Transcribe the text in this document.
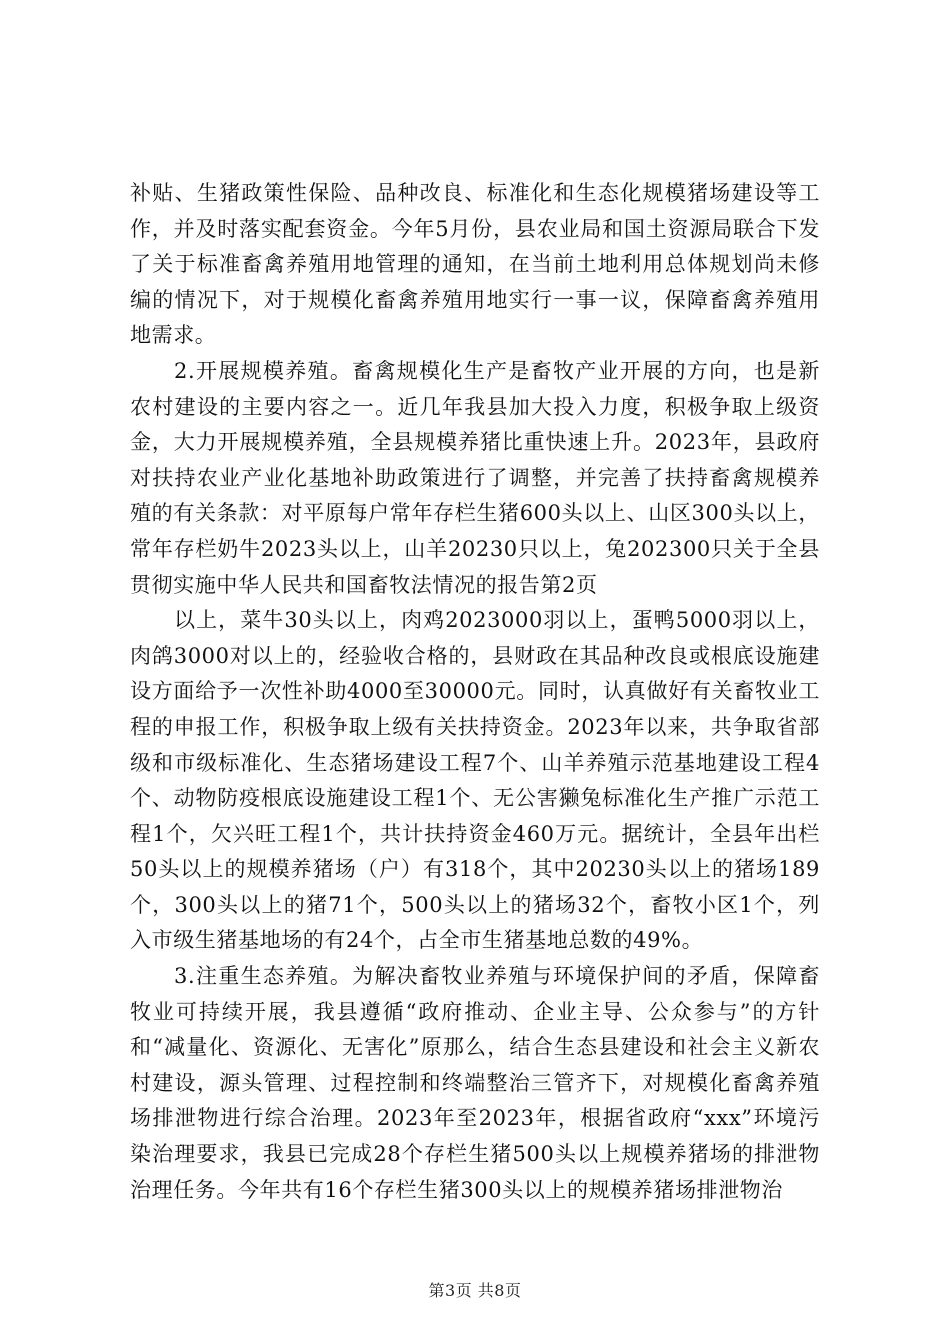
补贴、生猪政策性保险、品种改良、标准化和生态化规模猪场建设等工作，并及时落实配套资金。今年5月份，县农业局和国土资源局联合下发了关于标准畜禽养殖用地管理的通知，在当前土地利用总体规划尚未修编的情况下，对于规模化畜禽养殖用地实行一事一议，保障畜禽养殖用地需求。

2.开展规模养殖。畜禽规模化生产是畜牧产业开展的方向，也是新农村建设的主要内容之一。近几年我县加大投入力度，积极争取上级资金，大力开展规模养殖，全县规模养猪比重快速上升。2023年，县政府对扶持农业产业化基地补助政策进行了调整，并完善了扶持畜禽规模养殖的有关条款：对平原每户常年存栏生猪600头以上、山区300头以上，常年存栏奶牛2023头以上，山羊20230只以上，兔202300只关于全县贯彻实施中华人民共和国畜牧法情况的报告第2页

以上，菜牛30头以上，肉鸡2023000羽以上，蛋鸭5000羽以上，肉鸽3000对以上的，经验收合格的，县财政在其品种改良或根底设施建设方面给予一次性补助4000至30000元。同时，认真做好有关畜牧业工程的申报工作，积极争取上级有关扶持资金。2023年以来，共争取省部级和市级标准化、生态猪场建设工程7个、山羊养殖示范基地建设工程4个、动物防疫根底设施建设工程1个、无公害獭兔标准化生产推广示范工程1个，欠兴旺工程1个，共计扶持资金460万元。据统计，全县年出栏50头以上的规模养猪场（户）有318个，其中20230头以上的猪场189个，300头以上的猪71个，500头以上的猪场32个，畜牧小区1个，列入市级生猪基地场的有24个，占全市生猪基地总数的49%。

3.注重生态养殖。为解决畜牧业养殖与环境保护间的矛盾，保障畜牧业可持续开展，我县遵循“政府推动、企业主导、公众参与”的方针和“减量化、资源化、无害化”原那么，结合生态县建设和社会主义新农村建设，源头管理、过程控制和终端整治三管齐下，对规模化畜禽养殖场排泄物进行综合治理。2023年至2023年，根据省政府“xxx”环境污染治理要求，我县已完成28个存栏生猪500头以上规模养猪场的排泄物治理任务。今年共有16个存栏生猪300头以上的规模养猪场排泄物治

第3页 共8页
